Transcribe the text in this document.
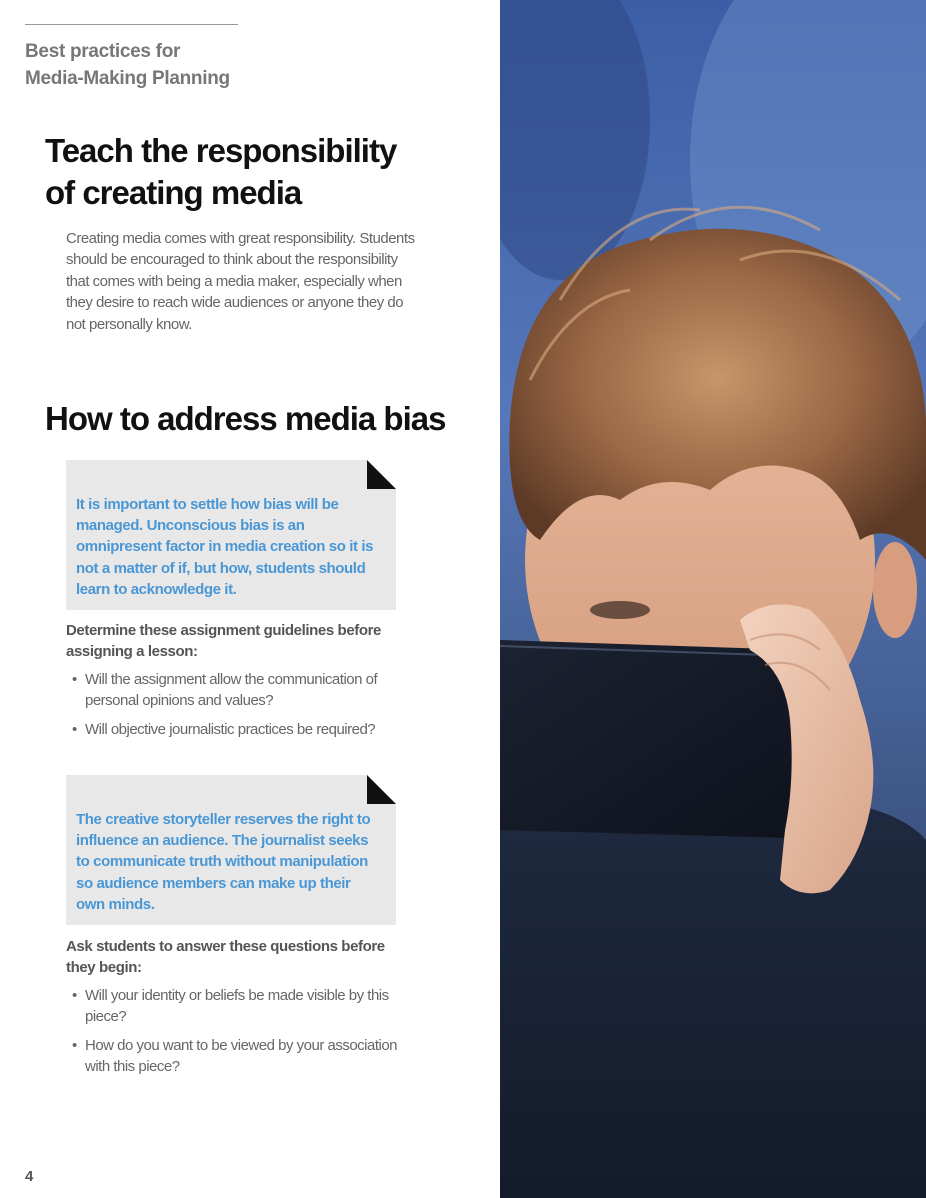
Best practices for
Media-Making Planning
Teach the responsibility
of creating media

Creating media comes with great responsibility. Students should be encouraged to think about the responsibility that comes with being a media maker, especially when they desire to reach wide audiences or anyone they do not personally know.

How to address media bias

It is important to settle how bias will be managed. Unconscious bias is an omnipresent factor in media creation so it is not a matter of if, but how, students should learn to acknowledge it.

Determine these assignment guidelines before assigning a lesson:

• Will the assignment allow the communication of personal opinions and values?
• Will objective journalistic practices be required?

The creative storyteller reserves the right to influence an audience. The journalist seeks to communicate truth without manipulation so audience members can make up their own minds.

Ask students to answer these questions before they begin:

• Will your identity or beliefs be made visible by this piece?
• How do you want to be viewed by your association with this piece?
4
